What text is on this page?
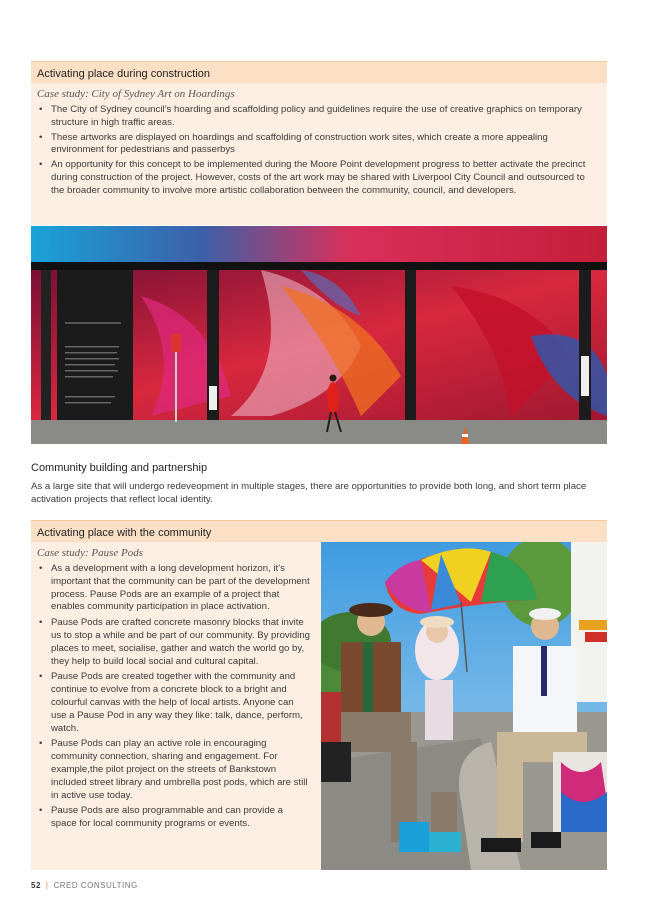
Activating place during construction
Case study: City of Sydney Art on Hoardings
• The City of Sydney council’s hoarding and scaffolding policy and guidelines require the use of creative graphics on temporary structure in high traffic areas.
• These artworks are displayed on hoardings and scaffolding of construction work sites, which create a more appealing environment for pedestrians and passerbys
• An opportunity for this concept to be implemented during the Moore Point development progress to better activate the precinct during construction of the project. However, costs of the art work may be shared with Liverpool City Council and outsourced to the broader community to involve more artistic collaboration between the community, council, and developers.
Community building and partnership
As a large site that will undergo redeveopment in multiple stages, there are opportunities to provide both long, and short term place activation projects that reflect local identity.
Activating place with the community
Case study: Pause Pods
• As a development with a long development horizon, it’s important that the community can be part of the development process. Pause Pods are an example of a project that enables community participation in place activation.
• Pause Pods are crafted concrete masonry blocks that invite us to stop a while and be part of our community. By providing places to meet, socialise, gather and watch the world go by, they help to build local social and cultural capital.
• Pause Pods are created together with the community and continue to evolve from a concrete block to a bright and colourful canvas with the help of local artists. Anyone can use a Pause Pod in any way they like: talk, dance, perform, watch.
• Pause Pods can play an active role in encouraging community connection, sharing and engagement. For example,the pilot project on the streets of Bankstown included street library and umbrella post pods, which are still in active use today.
• Pause Pods are also programmable and can provide a space for local community programs or events.
52 | CRED CONSULTING
